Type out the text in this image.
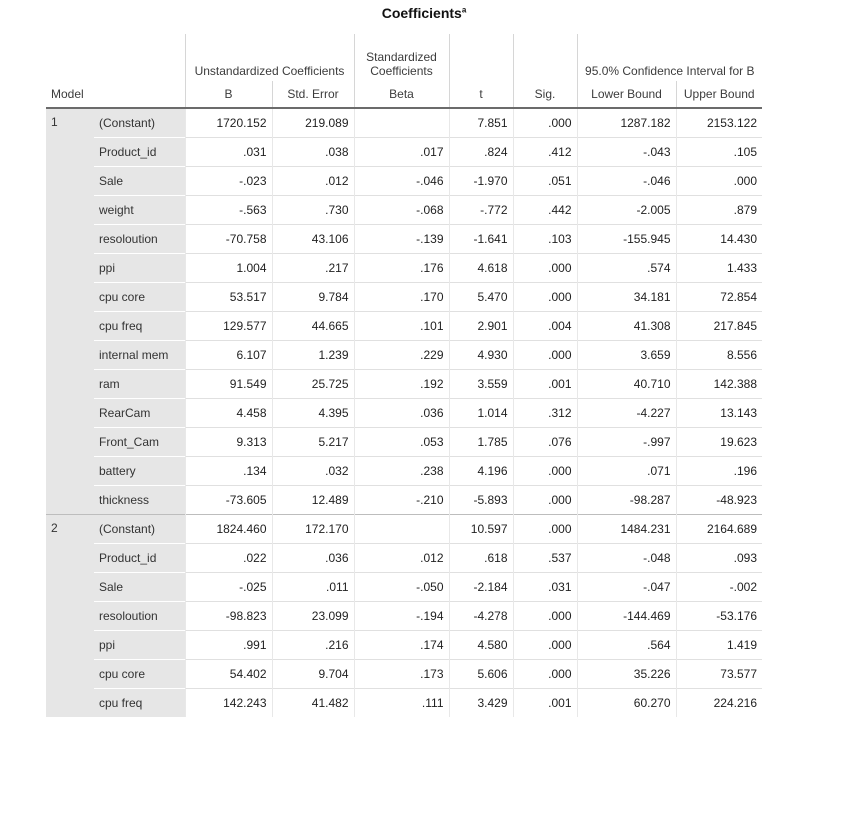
Coefficients$^a$
		Unstandardized Coefficients		Standardized
Coefficients			95.0% Confidence Interval for B	
Model		B	Std. Error	Beta	t	Sig.	Lower Bound	Upper Bound
1	(Constant)	1720.152	219.089		7.851	.000	1287.182	2153.122
	Product_id	.031	.038	.017	.824	.412	-.043	.105
	Sale	-.023	.012	-.046	-1.970	.051	-.046	.000
	weight	-.563	.730	-.068	-.772	.442	-2.005	.879
	resoloution	-70.758	43.106	-.139	-1.641	.103	-155.945	14.430
	ppi	1.004	.217	.176	4.618	.000	.574	1.433
	cpu core	53.517	9.784	.170	5.470	.000	34.181	72.854
	cpu freq	129.577	44.665	.101	2.901	.004	41.308	217.845
	internal mem	6.107	1.239	.229	4.930	.000	3.659	8.556
	ram	91.549	25.725	.192	3.559	.001	40.710	142.388
	RearCam	4.458	4.395	.036	1.014	.312	-4.227	13.143
	Front_Cam	9.313	5.217	.053	1.785	.076	-.997	19.623
	battery	.134	.032	.238	4.196	.000	.071	.196
	thickness	-73.605	12.489	-.210	-5.893	.000	-98.287	-48.923
2	(Constant)	1824.460	172.170		10.597	.000	1484.231	2164.689
	Product_id	.022	.036	.012	.618	.537	-.048	.093
	Sale	-.025	.011	-.050	-2.184	.031	-.047	-.002
	resoloution	-98.823	23.099	-.194	-4.278	.000	-144.469	-53.176
	ppi	.991	.216	.174	4.580	.000	.564	1.419
	cpu core	54.402	9.704	.173	5.606	.000	35.226	73.577
	cpu freq	142.243	41.482	.111	3.429	.001	60.270	224.216
